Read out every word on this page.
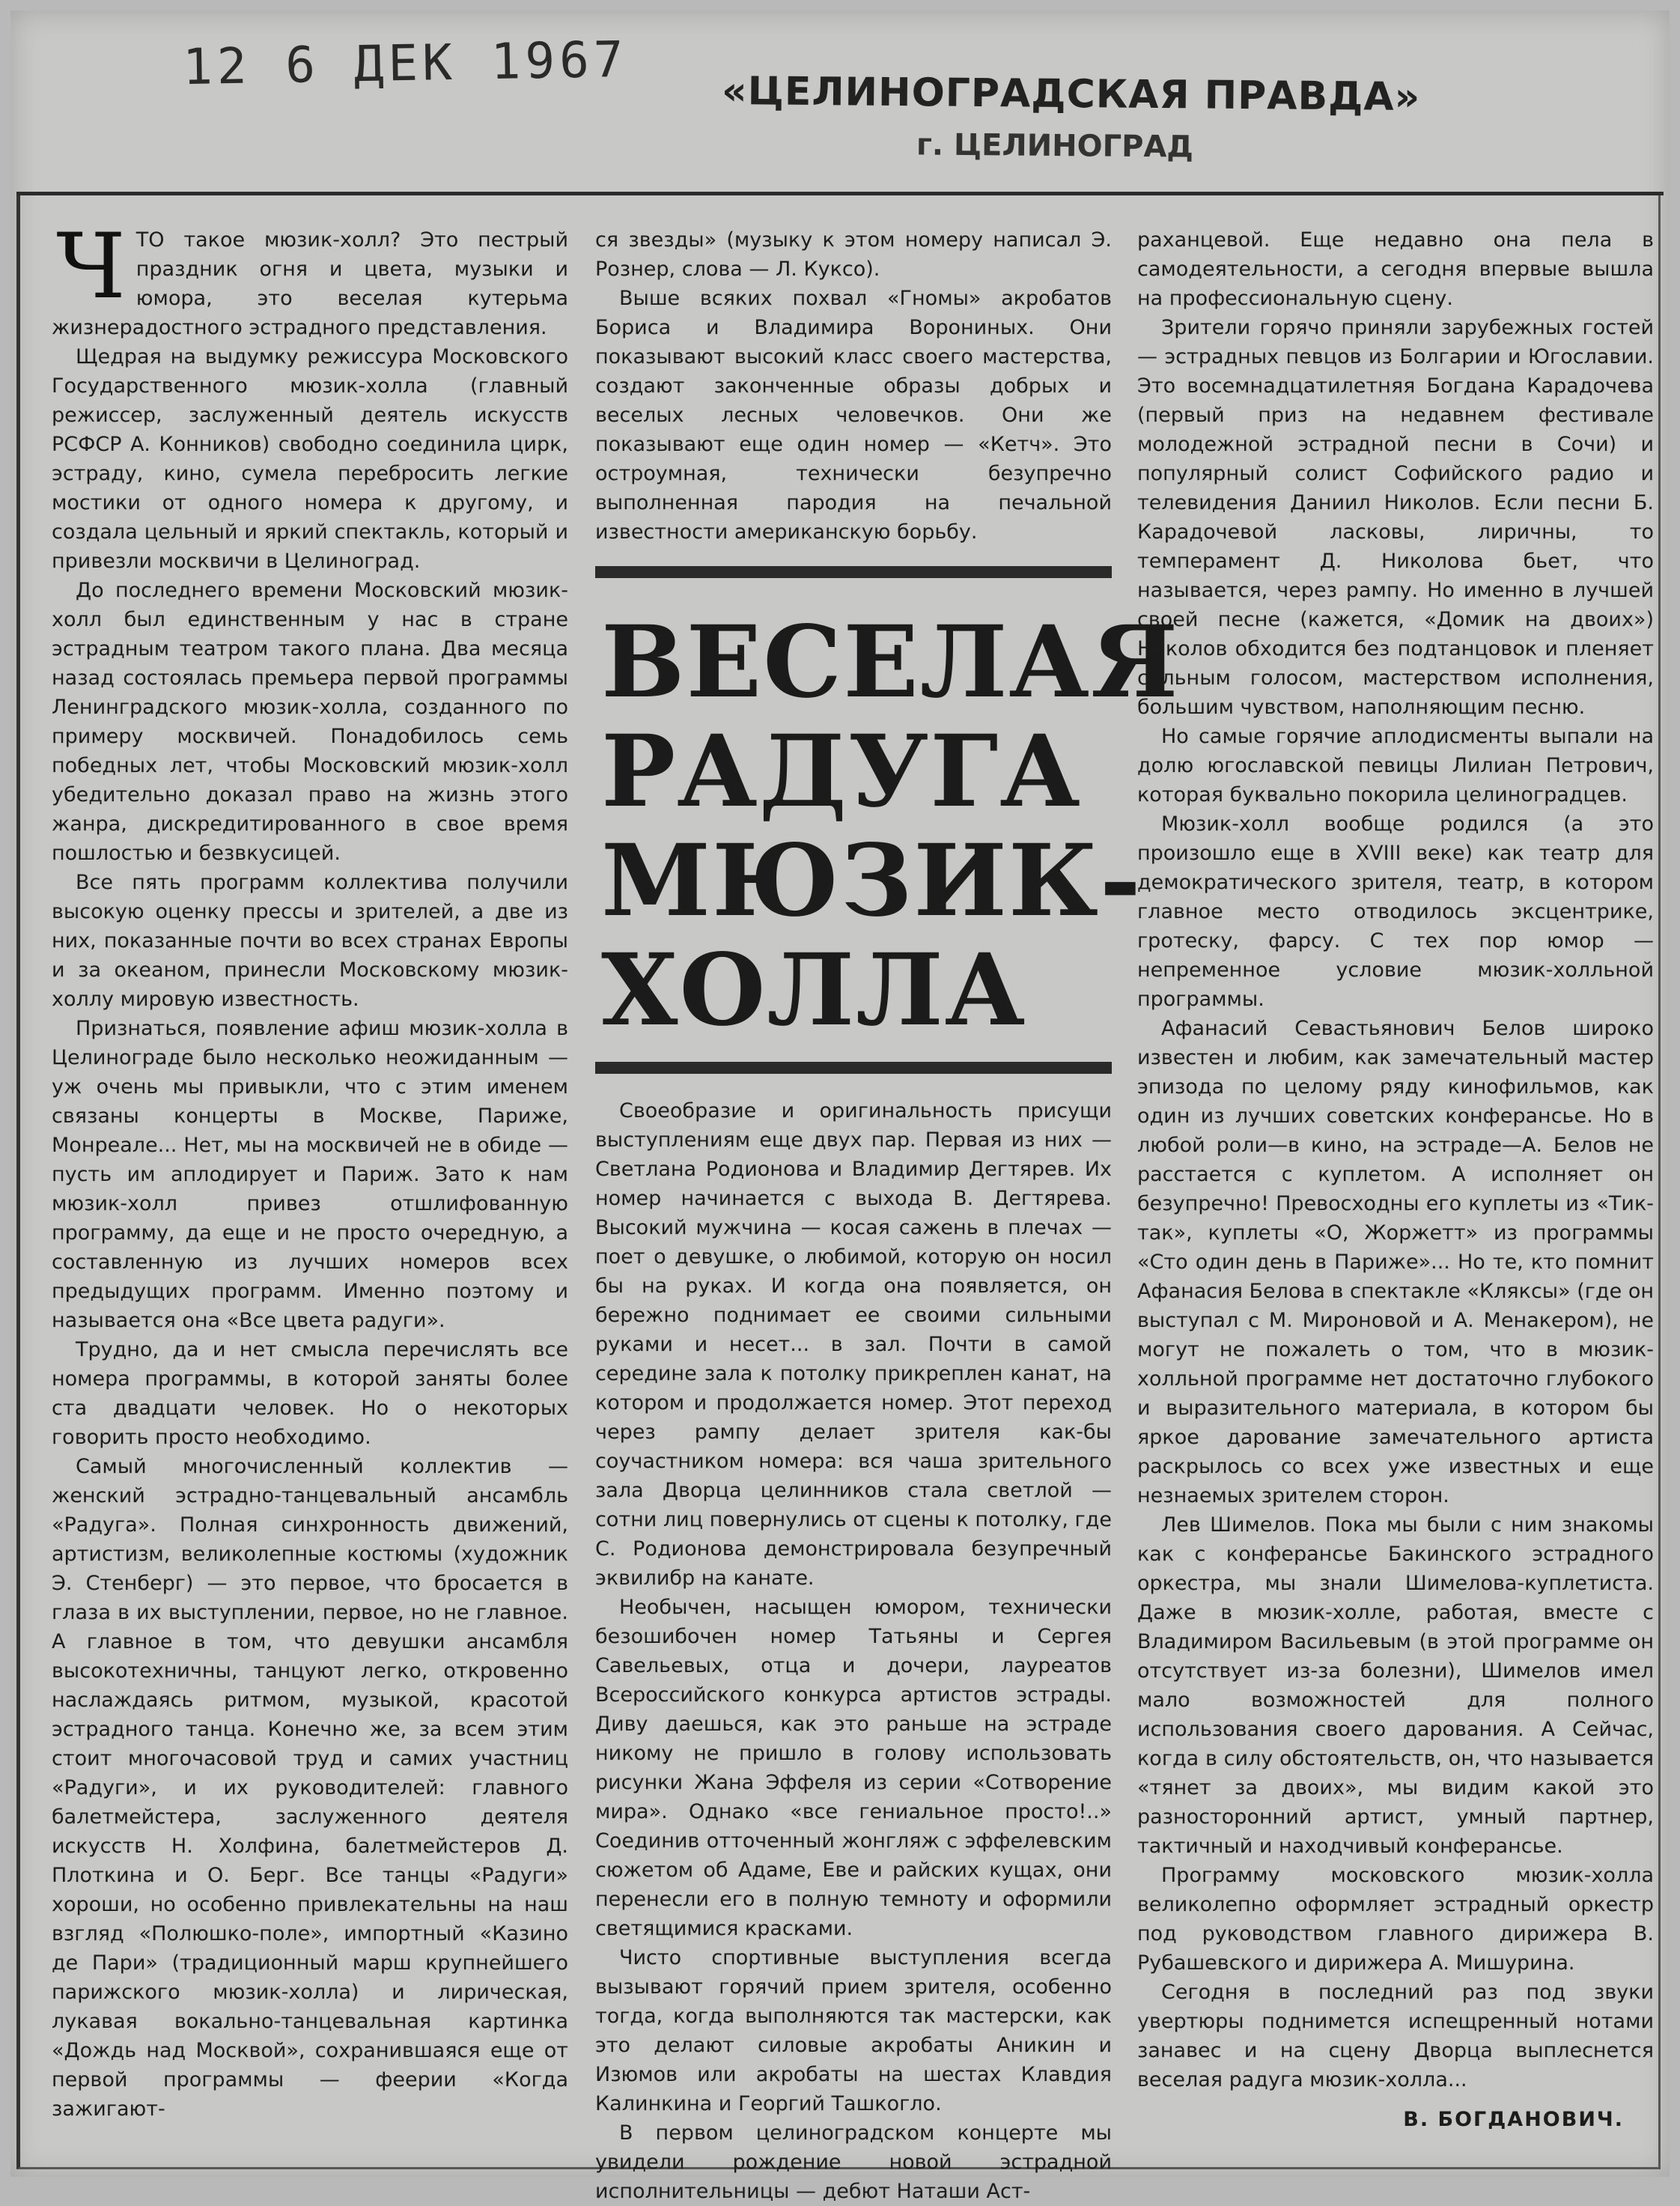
12 6 ДЕК 1967 «ЦЕЛИНОГРАДСКАЯ ПРАВДА»
г. ЦЕЛИНОГРАД

ЧТО такое мюзик-холл? Это пестрый праздник огня и цвета, музыки и юмора, это веселая кутерьма жизнерадостного эстрадного представления.

Щедрая на выдумку режиссура Московского Государственного мюзик-холла (главный режиссер, заслуженный деятель искусств РСФСР А. Конников) свободно соединила цирк, эстраду, кино, сумела перебросить легкие мостики от одного номера к другому, и создала цельный и яркий спектакль, который и привезли москвичи в Целиноград.

До последнего времени Московский мюзик-холл был единственным у нас в стране эстрадным театром такого плана. Два месяца назад состоялась премьера первой программы Ленинградского мюзик-холла, созданного по примеру москвичей. Понадобилось семь победных лет, чтобы Московский мюзик-холл убедительно доказал право на жизнь этого жанра, дискредитированного в свое время пошлостью и безвкусицей.

Все пять программ коллектива получили высокую оценку прессы и зрителей, а две из них, показанные почти во всех странах Европы и за океаном, принесли Московскому мюзик-холлу мировую известность.

Признаться, появление афиш мюзик-холла в Целинограде было несколько неожиданным — уж очень мы привыкли, что с этим именем связаны концерты в Москве, Париже, Монреале... Нет, мы на москвичей не в обиде — пусть им аплодирует и Париж. Зато к нам мюзик-холл привез отшлифованную программу, да еще и не просто очередную, а составленную из лучших номеров всех предыдущих программ. Именно поэтому и называется она «Все цвета радуги».

Трудно, да и нет смысла перечислять все номера программы, в которой заняты более ста двадцати человек. Но о некоторых говорить просто необходимо.

Самый многочисленный коллектив — женский эстрадно-танцевальный ансамбль «Радуга». Полная синхронность движений, артистизм, великолепные костюмы (художник Э. Стенберг) — это первое, что бросается в глаза в их выступлении, первое, но не главное. А главное в том, что девушки ансамбля высокотехничны, танцуют легко, откровенно наслаждаясь ритмом, музыкой, красотой эстрадного танца. Конечно же, за всем этим стоит многочасовой труд и самих участниц «Радуги», и их руководителей: главного балетмейстера, заслуженного деятеля искусств Н. Холфина, балетмейстеров Д. Плоткина и О. Берг. Все танцы «Радуги» хороши, но особенно привлекательны на наш взгляд «Полюшко-поле», импортный «Казино де Пари» (традиционный марш крупнейшего парижского мюзик-холла) и лирическая, лукавая вокально-танцевальная картинка «Дождь над Москвой», сохранившаяся еще от первой программы — феерии «Когда зажигают-

ся звезды» (музыку к этом номеру написал Э. Рознер, слова — Л. Куксо).

Выше всяких похвал «Гномы» акробатов Бориса и Владимира Ворониных. Они показывают высокий класс своего мастерства, создают законченные образы добрых и веселых лесных человечков. Они же показывают еще один номер — «Кетч». Это остроумная, технически безупречно выполненная пародия на печальной известности американскую борьбу.

ВЕСЕЛАЯ
РАДУГА
МЮЗИК-
ХОЛЛА

Своеобразие и оригинальность присущи выступлениям еще двух пар. Первая из них — Светлана Родионова и Владимир Дегтярев. Их номер начинается с выхода В. Дегтярева. Высокий мужчина — косая сажень в плечах — поет о девушке, о любимой, которую он носил бы на руках. И когда она появляется, он бережно поднимает ее своими сильными руками и несет... в зал. Почти в самой середине зала к потолку прикреплен канат, на котором и продолжается номер. Этот переход через рампу делает зрителя как-бы соучастником номера: вся чаша зрительного зала Дворца целинников стала светлой — сотни лиц повернулись от сцены к потолку, где С. Родионова демонстрировала безупречный эквилибр на канате.

Необычен, насыщен юмором, технически безошибочен номер Татьяны и Сергея Савельевых, отца и дочери, лауреатов Всероссийского конкурса артистов эстрады. Диву даешься, как это раньше на эстраде никому не пришло в голову использовать рисунки Жана Эффеля из серии «Сотворение мира». Однако «все гениальное просто!..» Соединив отточенный жонгляж с эффелевским сюжетом об Адаме, Еве и райских кущах, они перенесли его в полную темноту и оформили светящимися красками.

Чисто спортивные выступления всегда вызывают горячий прием зрителя, особенно тогда, когда выполняются так мастерски, как это делают силовые акробаты Аникин и Изюмов или акробаты на шестах Клавдия Калинкина и Георгий Ташкогло.

В первом целиноградском концерте мы увидели рождение новой эстрадной исполнительницы — дебют Наташи Аст-

раханцевой. Еще недавно она пела в самодеятельности, а сегодня впервые вышла на профессиональную сцену.

Зрители горячо приняли зарубежных гостей — эстрадных певцов из Болгарии и Югославии. Это восемнадцатилетняя Богдана Карадочева (первый приз на недавнем фестивале молодежной эстрадной песни в Сочи) и популярный солист Софийского радио и телевидения Даниил Николов. Если песни Б. Карадочевой ласковы, лиричны, то темперамент Д. Николова бьет, что называется, через рампу. Но именно в лучшей своей песне (кажется, «Домик на двоих») Николов обходится без подтанцовок и пленяет сильным голосом, мастерством исполнения, большим чувством, наполняющим песню.

Но самые горячие аплодисменты выпали на долю югославской певицы Лилиан Петрович, которая буквально покорила целиноградцев.

Мюзик-холл вообще родился (а это произошло еще в XVIII веке) как театр для демократического зрителя, театр, в котором главное место отводилось эксцентрике, гротеску, фарсу. С тех пор юмор — непременное условие мюзик-холльной программы.

Афанасий Севастьянович Белов широко известен и любим, как замечательный мастер эпизода по целому ряду кинофильмов, как один из лучших советских конферансье. Но в любой роли—в кино, на эстраде—А. Белов не расстается с куплетом. А исполняет он безупречно! Превосходны его куплеты из «Тик-так», куплеты «О, Жоржетт» из программы «Сто один день в Париже»... Но те, кто помнит Афанасия Белова в спектакле «Кляксы» (где он выступал с М. Мироновой и А. Менакером), не могут не пожалеть о том, что в мюзик-холльной программе нет достаточно глубокого и выразительного материала, в котором бы яркое дарование замечательного артиста раскрылось со всех уже известных и еще незнаемых зрителем сторон.

Лев Шимелов. Пока мы были с ним знакомы как с конферансье Бакинского эстрадного оркестра, мы знали Шимелова-куплетиста. Даже в мюзик-холле, работая, вместе с Владимиром Васильевым (в этой программе он отсутствует из-за болезни), Шимелов имел мало возможностей для полного использования своего дарования. А Сейчас, когда в силу обстоятельств, он, что называется «тянет за двоих», мы видим какой это разносторонний артист, умный партнер, тактичный и находчивый конферансье.

Программу московского мюзик-холла великолепно оформляет эстрадный оркестр под руководством главного дирижера В. Рубашевского и дирижера А. Мишурина.

Сегодня в последний раз под звуки увертюры поднимется испещренный нотами занавес и на сцену Дворца выплеснется веселая радуга мюзик-холла...

В. БОГДАНОВИЧ.
